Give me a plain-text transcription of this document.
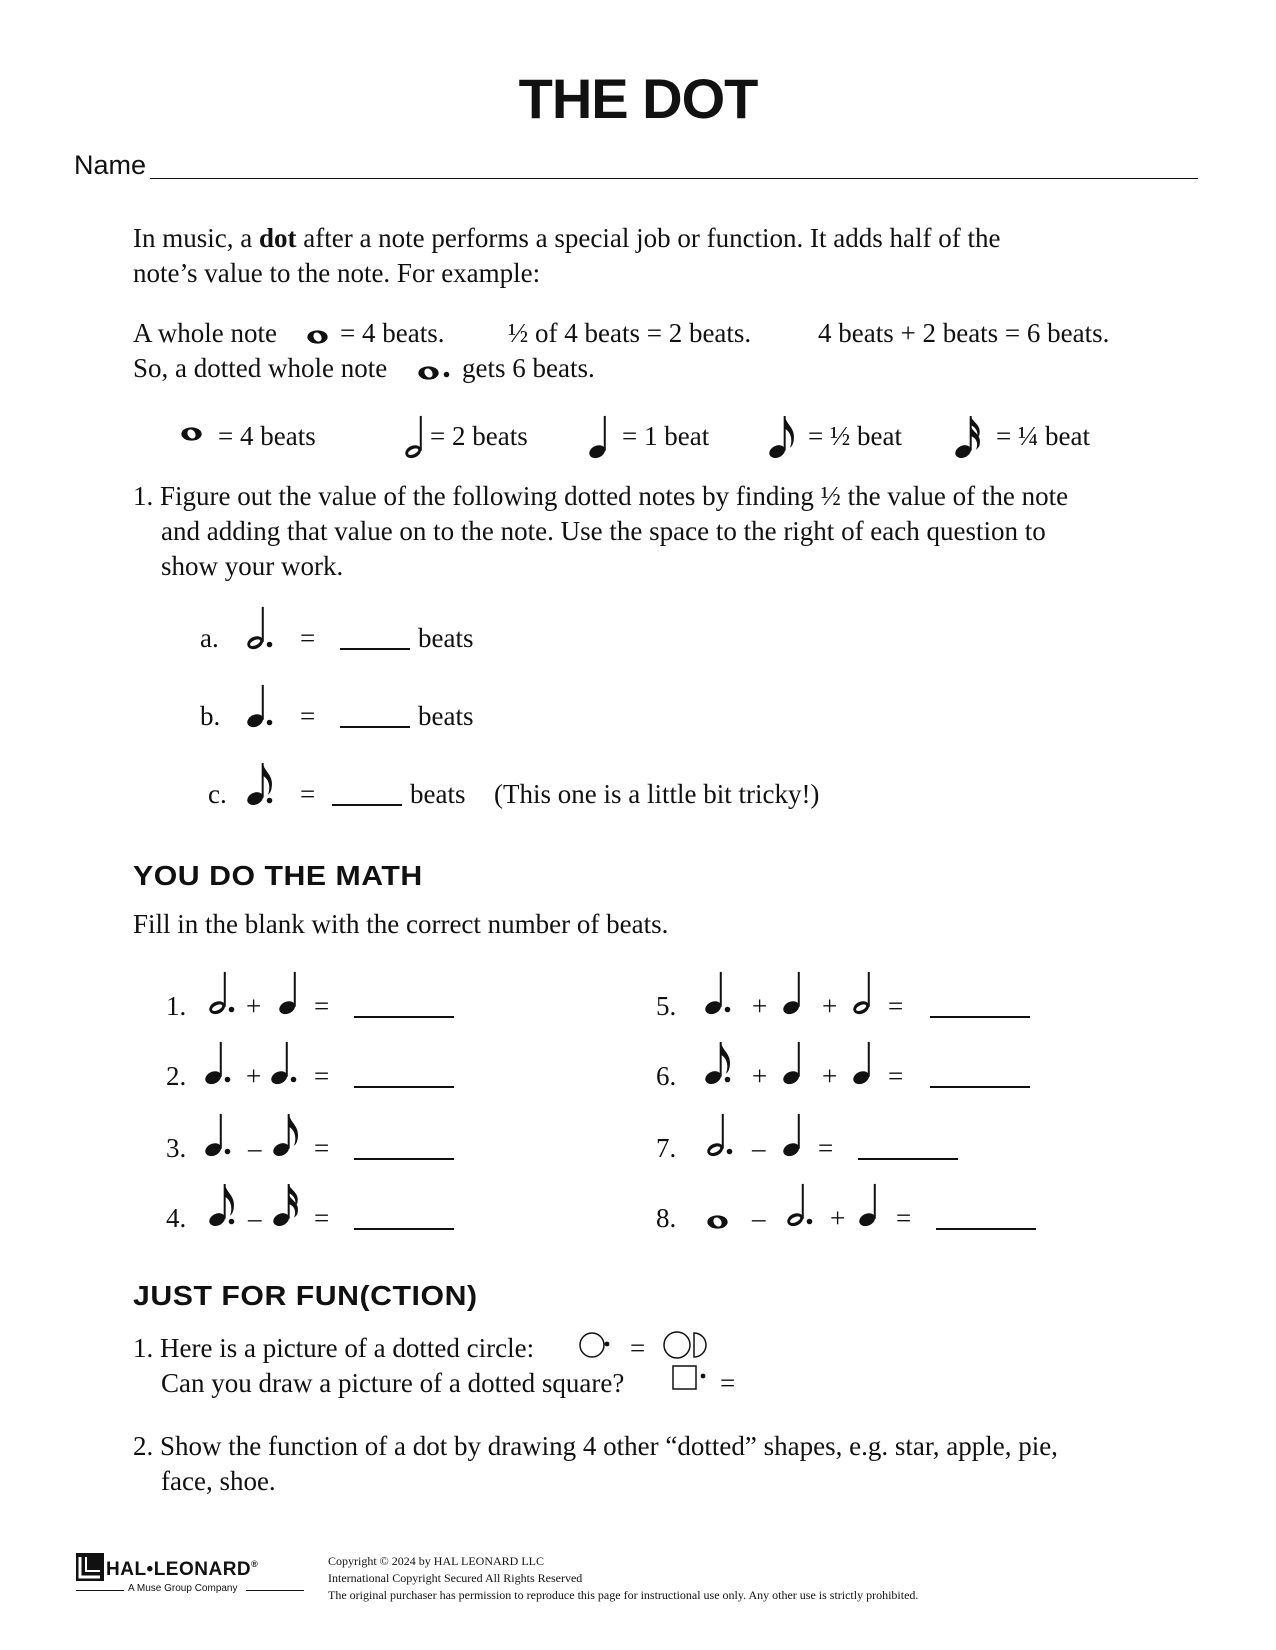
THE DOT
Name
In music, a dot after a note performs a special job or function. It adds half of the
note’s value to the note. For example:
A whole note = 4 beats. ½ of 4 beats = 2 beats. 4 beats + 2 beats = 6 beats.
So, a dotted whole note	gets 6 beats.
= 4 beats	= 2 beats	= 1 beat	= ½ beat	= ¼ beat
1. Figure out the value of the following dotted notes by finding ½ the value of the note
and adding that value on to the note. Use the space to the right of each question to
show your work.
a.	=	beats
b.	=	beats
c.	=	beats (This one is a little bit tricky!)
YOU DO THE MATH
Fill in the blank with the correct number of beats.
1. + =
2. + =
3. – =
4. – =
5.	+ + =
6.	+ + =
7.	– =
8.	– + =
JUST FOR FUN(CTION)
1. Here is a picture of a dotted circle:	=
Can you draw a picture of a dotted square?	=
2. Show the function of a dot by drawing 4 other “dotted” shapes, e.g. star, apple, pie,
face, shoe.
HAL•LEONARD®
A Muse Group Company
Copyright © 2024 by HAL LEONARD LLC
International Copyright Secured All Rights Reserved
The original purchaser has permission to reproduce this page for instructional use only. Any other use is strictly prohibited.
